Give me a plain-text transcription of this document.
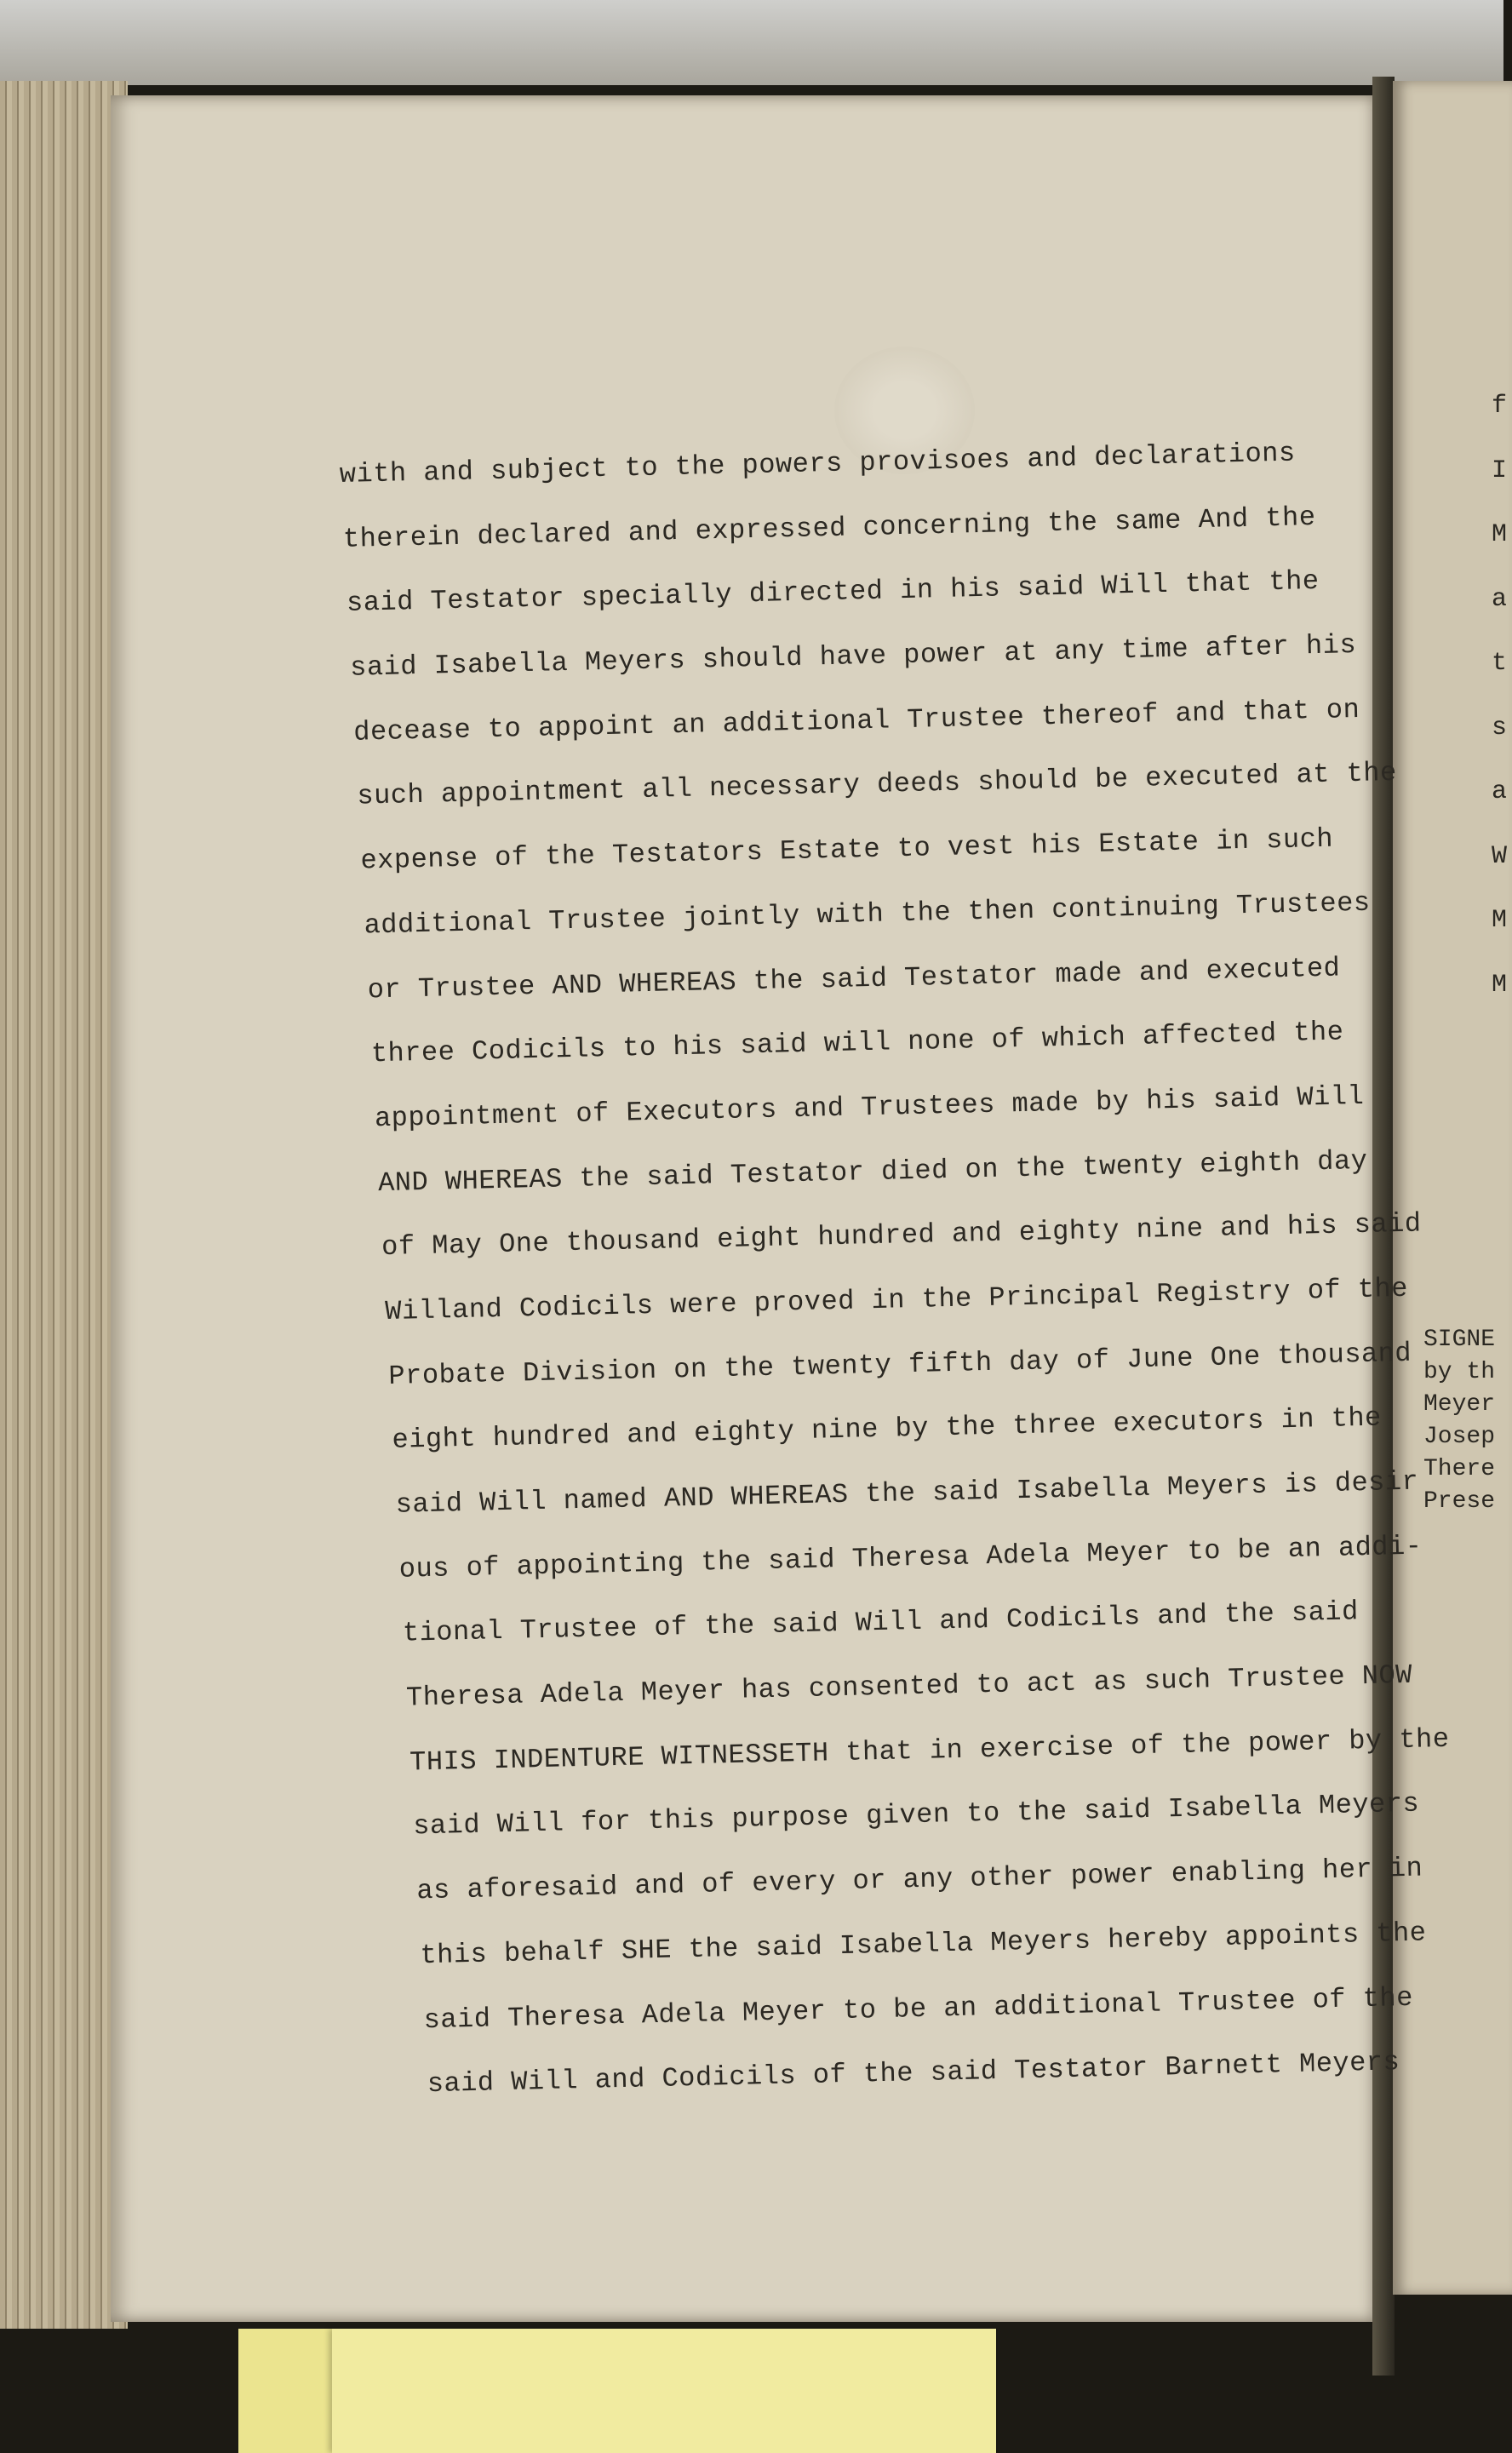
with and subject to the powers provisoes and declarations
therein declared and expressed concerning the same And the
said Testator specially directed in his said Will that the
said Isabella Meyers should have power at any time after his
decease to appoint an additional Trustee thereof and that on
such appointment all necessary deeds should be executed at the
expense of the Testators Estate to vest his Estate in such
additional Trustee jointly with the then continuing Trustees
or Trustee AND WHEREAS the said Testator made and executed
three Codicils to his said will none of which affected the
appointment of Executors and Trustees made by his said Will
AND WHEREAS the said Testator died on the twenty eighth day
of May One thousand eight hundred and eighty nine and his said
Willand Codicils were proved in the Principal Registry of the
Probate Division on the twenty fifth day of June One thousand
eight hundred and eighty nine by the three executors in the
said Will named AND WHEREAS the said Isabella Meyers is desir
ous of appointing the said Theresa Adela Meyer to be an addi-
tional Trustee of the said Will and Codicils and the said
Theresa Adela Meyer has consented to act as such Trustee NOW
THIS INDENTURE WITNESSETH that in exercise of the power by the
said Will for this purpose given to the said Isabella Meyers
as aforesaid and of every or any other power enabling her in
this behalf SHE the said Isabella Meyers hereby appoints the
said Theresa Adela Meyer to be an additional Trustee of the
said Will and Codicils of the said Testator Barnett Meyers
f
I
M
a
t
s
a
W
M
M
SIGNE
by th
Meyer
Josep
There
Prese
